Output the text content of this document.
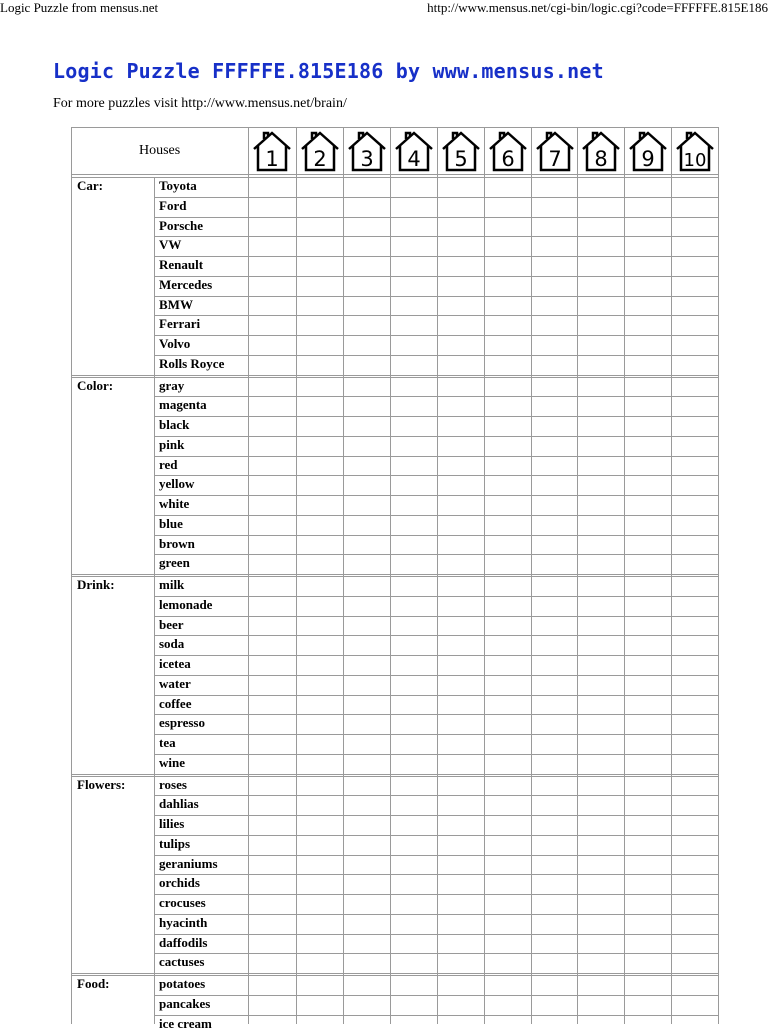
Logic Puzzle from mensus.net	http://www.mensus.net/cgi-bin/logic.cgi?code=FFFFFE.815E186
Logic Puzzle FFFFFE.815E186 by www.mensus.net
For more puzzles visit http://www.mensus.net/brain/
Houses	1 2 3 4 5 6 7 8 9 10
Car:	Toyota
Ford
Porsche
VW
Renault
Mercedes
BMW
Ferrari
Volvo
Rolls Royce
Color:	gray
magenta
black
pink
red
yellow
white
blue
brown
green
Drink:	milk
lemonade
beer
soda
icetea
water
coffee
espresso
tea
wine
Flowers:	roses
dahlias
lilies
tulips
geraniums
orchids
crocuses
hyacinth
daffodils
cactuses
Food:	potatoes
pancakes
ice cream
